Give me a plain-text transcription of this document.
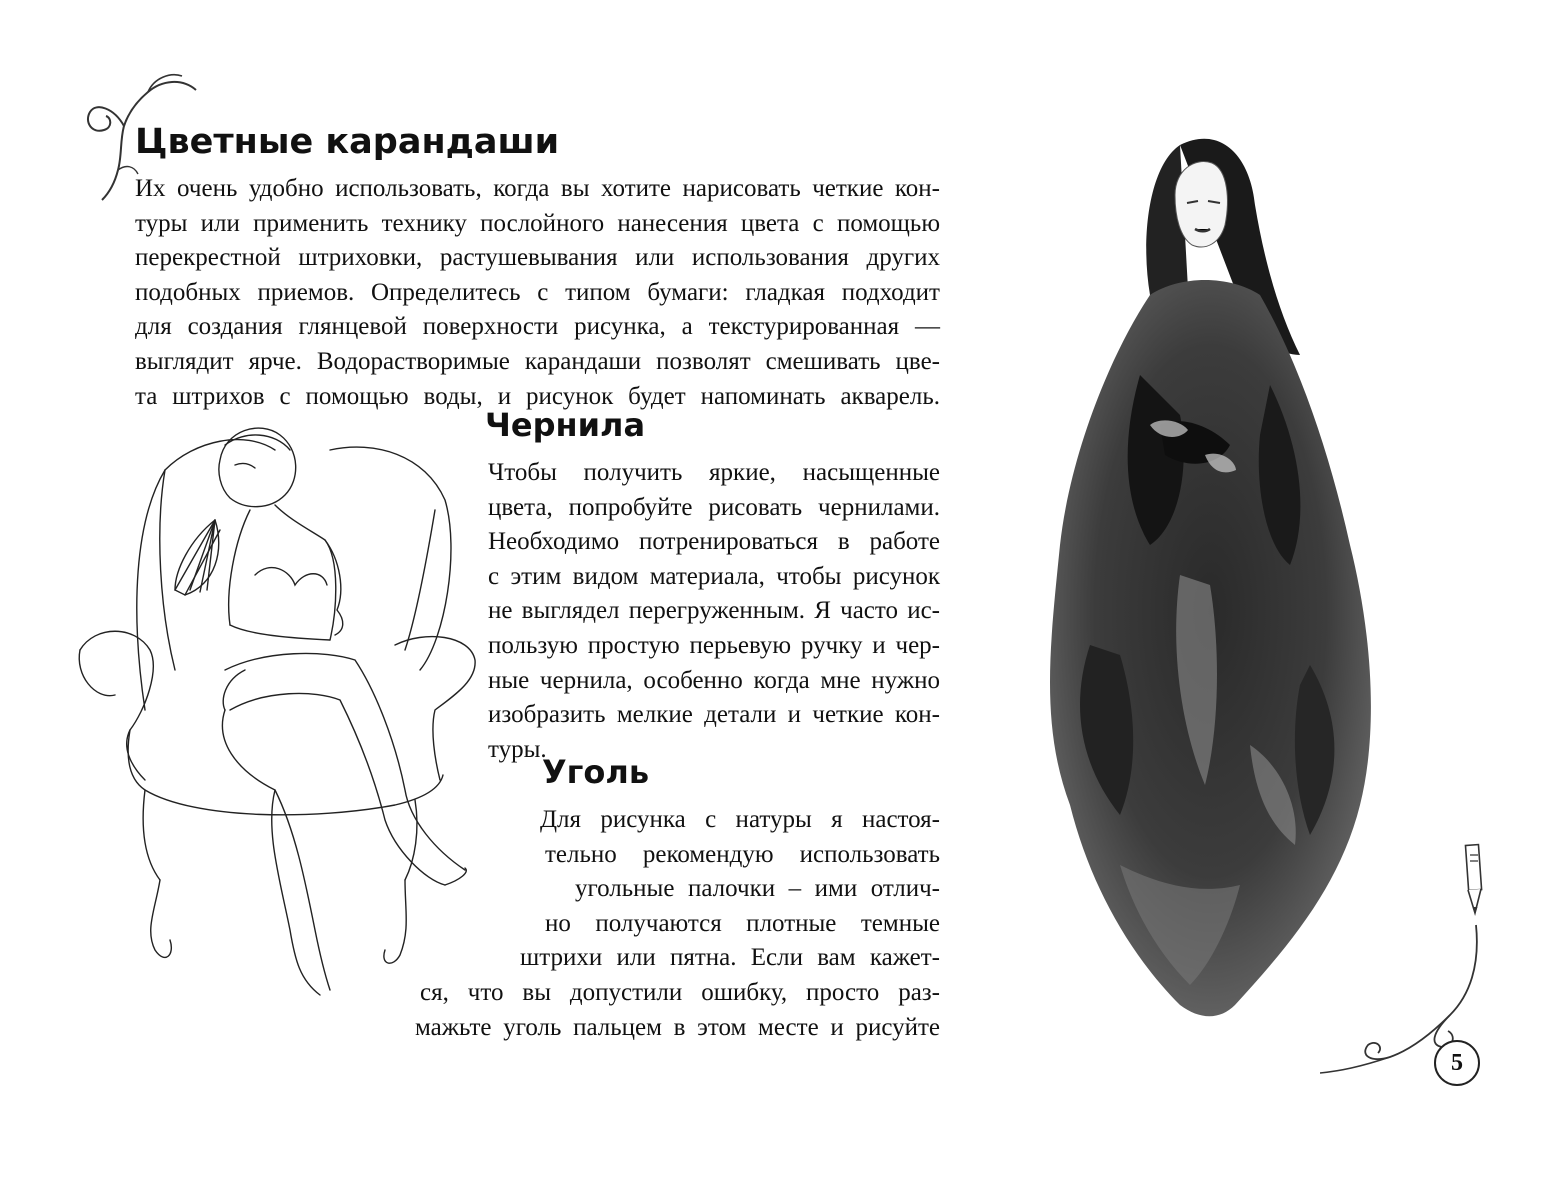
Цветные карандаши
Их очень удобно использовать, когда вы хотите нарисовать четкие кон-
туры или применить технику послойного нанесения цвета с помощью
перекрестной штриховки, растушевывания или использования других
подобных приемов. Определитесь с типом бумаги: гладкая подходит
для создания глянцевой поверхности рисунка, а текстурированная —
выглядит ярче. Водорастворимые карандаши позволят смешивать цве-
та штрихов с помощью воды, и рисунок будет напоминать акварель.
Чернила
Чтобы получить яркие, насыщенные
цвета, попробуйте рисовать чернилами.
Необходимо потренироваться в работе
с этим видом материала, чтобы рисунок
не выглядел перегруженным. Я часто ис-
пользую простую перьевую ручку и чер-
ные чернила, особенно когда мне нужно
изобразить мелкие детали и четкие кон-
туры.
Уголь
Для рисунка с натуры я настоя-
тельно рекомендую использовать
угольные палочки – ими отлич-
но получаются плотные темные
штрихи или пятна. Если вам кажет-
ся, что вы допустили ошибку, просто раз-
мажьте уголь пальцем в этом месте и рисуйте
5
